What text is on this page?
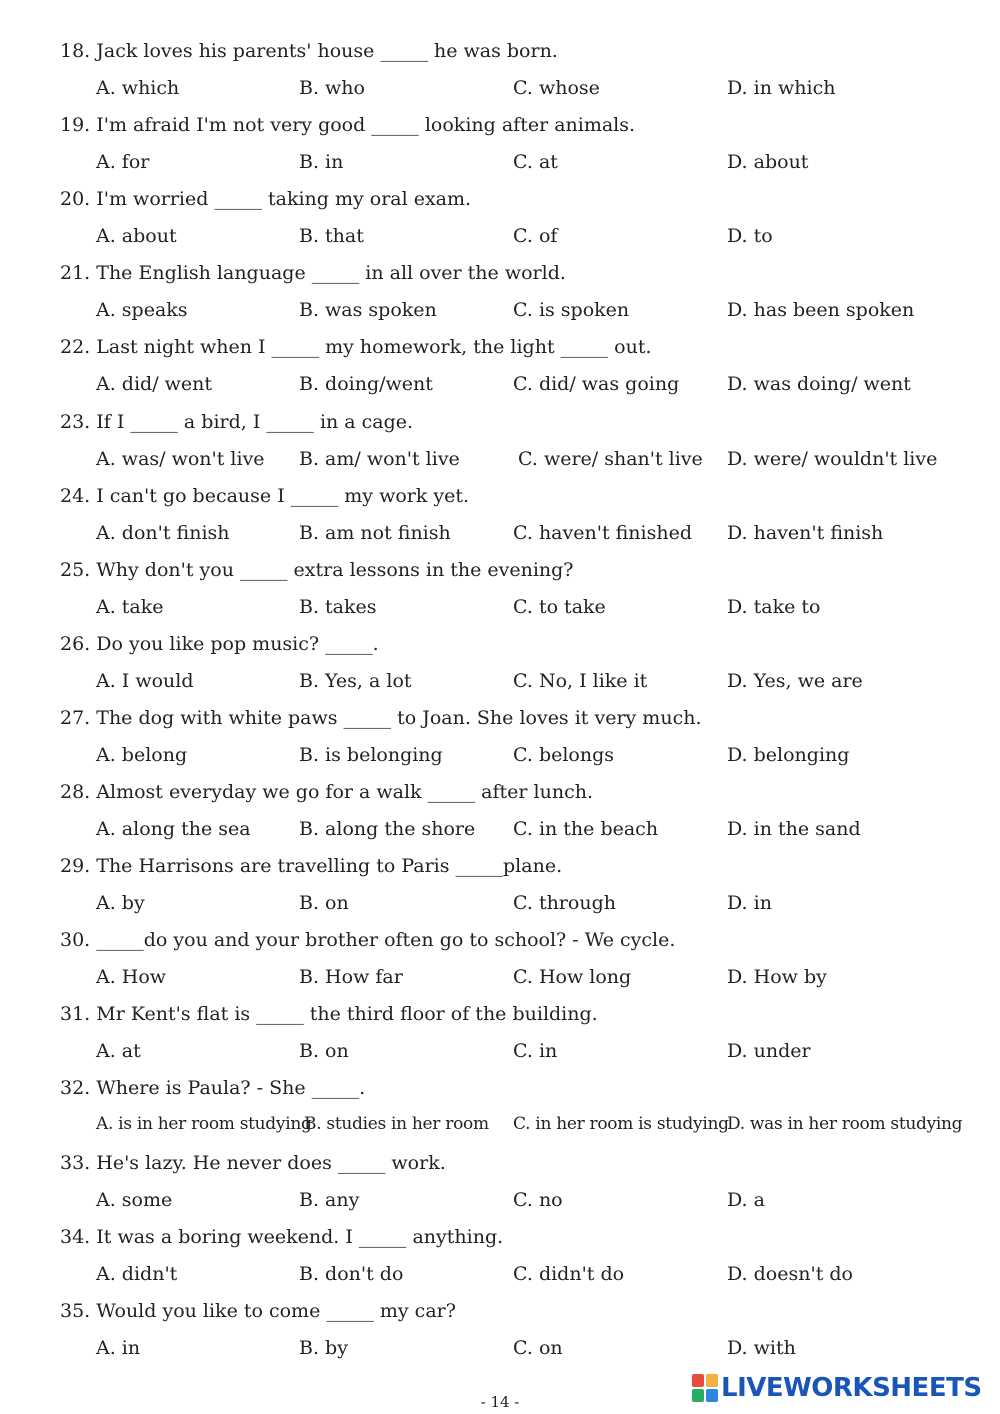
18. Jack loves his parents' house _____ he was born.
A. which	B. who	C. whose	D. in which
19. I'm afraid I'm not very good _____ looking after animals.
A. for	B. in	C. at	D. about
20. I'm worried _____ taking my oral exam.
A. about	B. that	C. of	D. to
21. The English language _____ in all over the world.
A. speaks	B. was spoken	C. is spoken	D. has been spoken
22. Last night when I _____ my homework, the light _____ out.
A. did/ went	B. doing/went	C. did/ was going	D. was doing/ went
23. If I _____ a bird, I _____ in a cage.
A. was/ won't live B. am/ won't live	C. were/ shan't live D. were/ wouldn't live
24. I can't go because I _____ my work yet.
A. don't finish	B. am not finish	C. haven't finished D. haven't finish
25. Why don't you _____ extra lessons in the evening?
A. take	B. takes	C. to take	D. take to
26. Do you like pop music? _____.
A. I would	B. Yes, a lot	C. No, I like it	D. Yes, we are
27. The dog with white paws _____ to Joan. She loves it very much.
A. belong	B. is belonging	C. belongs	D. belonging
28. Almost everyday we go for a walk _____ after lunch.
A. along the sea	B. along the shore C. in the beach	D. in the sand
29. The Harrisons are travelling to Paris _____plane.
A. by	B. on	C. through	D. in
30. _____do you and your brother often go to school? - We cycle.
A. How	B. How far	C. How long	D. How by
31. Mr Kent's flat is _____ the third floor of the building.
A. at	B. on	C. in	D. under
32. Where is Paula? - She _____.
A. is in her room studying
B. studies in her room C. in her room is studying
D. was in her room studying
33. He's lazy. He never does _____ work.
A. some	B. any	C. no	D. a
34. It was a boring weekend. I _____ anything.
A. didn't	B. don't do	C. didn't do	D. doesn't do
35. Would you like to come _____ my car?
A. in	B. by	C. on	D. with
- 14 -	LIVEWORKSHEETS
